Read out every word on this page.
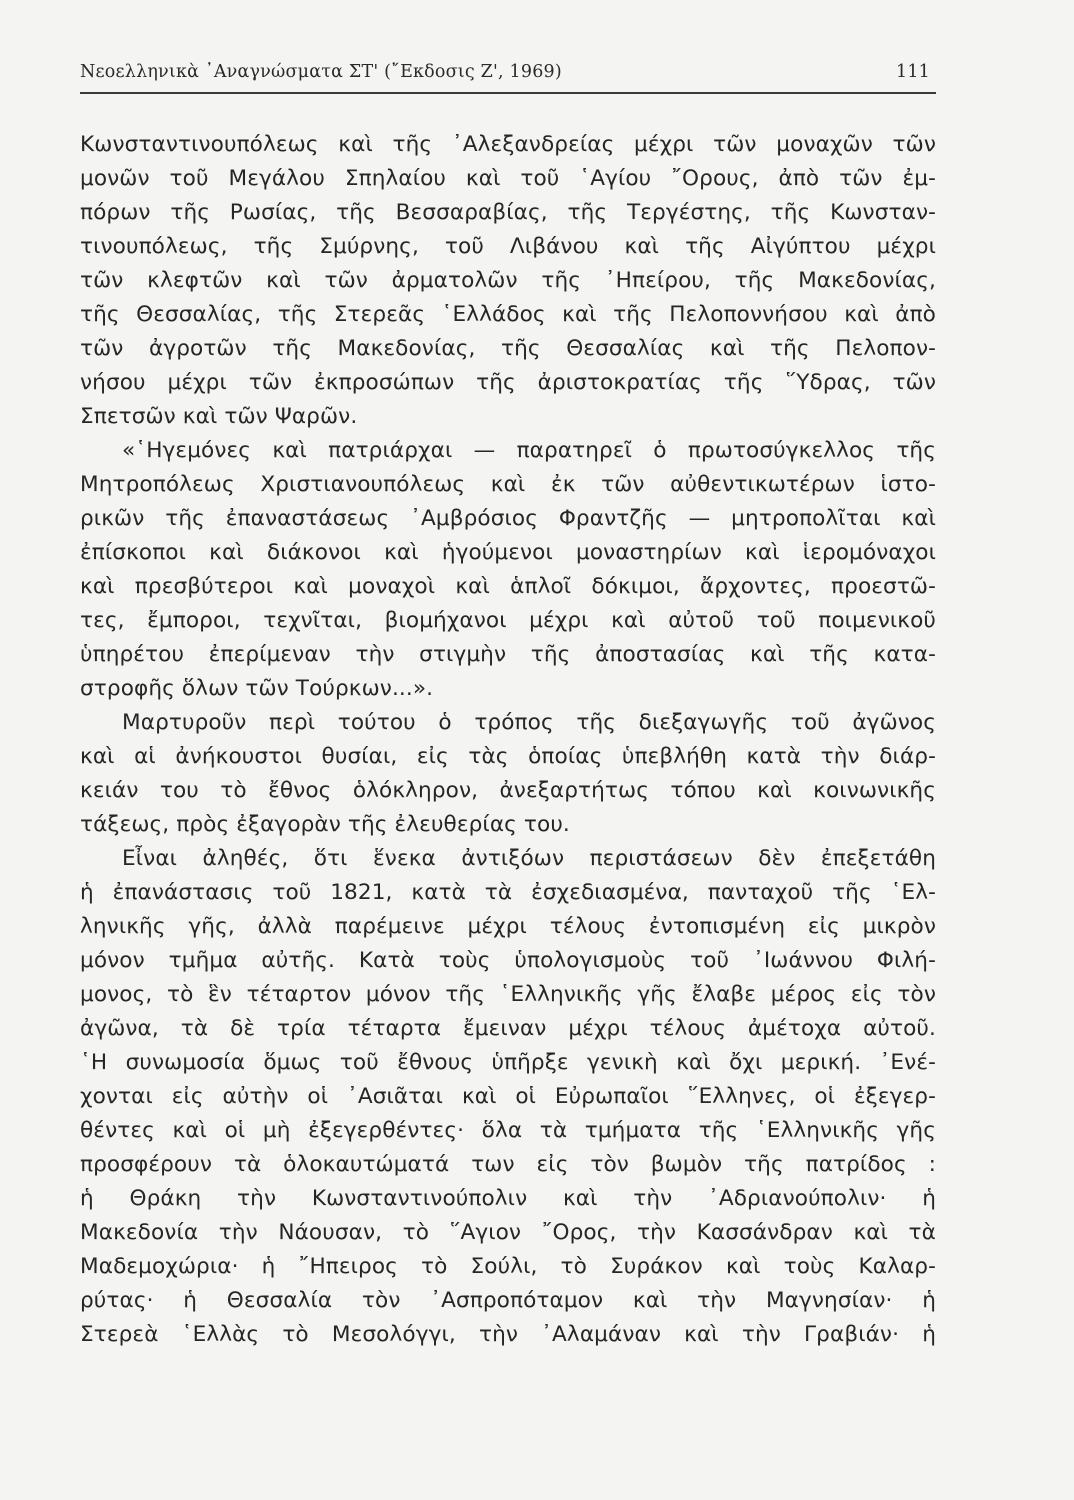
Νεοελληνικὰ ᾿Αναγνώσματα ΣΤ' (῎Εκδοσις Ζ', 1969)	111
Κωνσταντινουπόλεως καὶ τῆς ᾿Αλεξανδρείας μέχρι τῶν μοναχῶν τῶν
μονῶν τοῦ Μεγάλου Σπηλαίου καὶ τοῦ ῾Αγίου ῎Ορους, ἀπὸ τῶν ἐμ-
πόρων τῆς Ρωσίας, τῆς Βεσσαραβίας, τῆς Τεργέστης, τῆς Κωνσταν-
τινουπόλεως, τῆς Σμύρνης, τοῦ Λιβάνου καὶ τῆς Αἰγύπτου μέχρι
τῶν κλεφτῶν καὶ τῶν ἀρματολῶν τῆς ᾿Ηπείρου, τῆς Μακεδονίας,
τῆς Θεσσαλίας, τῆς Στερεᾶς ῾Ελλάδος καὶ τῆς Πελοποννήσου καὶ ἀπὸ
τῶν ἀγροτῶν τῆς Μακεδονίας, τῆς Θεσσαλίας καὶ τῆς Πελοπον-
νήσου μέχρι τῶν ἐκπροσώπων τῆς ἀριστοκρατίας τῆς ῞Υδρας, τῶν
Σπετσῶν καὶ τῶν Ψαρῶν.
«῾Ηγεμόνες καὶ πατριάρχαι — παρατηρεῖ ὁ πρωτοσύγκελλος τῆς
Μητροπόλεως Χριστιανουπόλεως καὶ ἐκ τῶν αὐθεντικωτέρων ἱστο-
ρικῶν τῆς ἐπαναστάσεως ᾿Αμβρόσιος Φραντζῆς — μητροπολῖται καὶ
ἐπίσκοποι καὶ διάκονοι καὶ ἡγούμενοι μοναστηρίων καὶ ἱερομόναχοι
καὶ πρεσβύτεροι καὶ μοναχοὶ καὶ ἁπλοῖ δόκιμοι, ἄρχοντες, προεστῶ-
τες, ἔμποροι, τεχνῖται, βιομήχανοι μέχρι καὶ αὐτοῦ τοῦ ποιμενικοῦ
ὑπηρέτου ἐπερίμεναν τὴν στιγμὴν τῆς ἀποστασίας καὶ τῆς κατα-
στροφῆς ὅλων τῶν Τούρκων...».
Μαρτυροῦν περὶ τούτου ὁ τρόπος τῆς διεξαγωγῆς τοῦ ἀγῶνος
καὶ αἱ ἀνήκουστοι θυσίαι, εἰς τὰς ὁποίας ὑπεβλήθη κατὰ τὴν διάρ-
κειάν του τὸ ἔθνος ὁλόκληρον, ἀνεξαρτήτως τόπου καὶ κοινωνικῆς
τάξεως, πρὸς ἐξαγορὰν τῆς ἐλευθερίας του.
Εἶναι ἀληθές, ὅτι ἕνεκα ἀντιξόων περιστάσεων δὲν ἐπεξετάθη
ἡ ἐπανάστασις τοῦ 1821, κατὰ τὰ ἐσχεδιασμένα, πανταχοῦ τῆς ῾Ελ-
ληνικῆς γῆς, ἀλλὰ παρέμεινε μέχρι τέλους ἐντοπισμένη εἰς μικρὸν
μόνον τμῆμα αὐτῆς. Κατὰ τοὺς ὑπολογισμοὺς τοῦ ᾿Ιωάννου Φιλή-
μονος, τὸ ἓν τέταρτον μόνον τῆς ῾Ελληνικῆς γῆς ἔλαβε μέρος εἰς τὸν
ἀγῶνα, τὰ δὲ τρία τέταρτα ἔμειναν μέχρι τέλους ἀμέτοχα αὐτοῦ.
῾Η συνωμοσία ὅμως τοῦ ἔθνους ὑπῆρξε γενικὴ καὶ ὄχι μερική. ᾿Ενέ-
χονται εἰς αὐτὴν οἱ ᾿Ασιᾶται καὶ οἱ Εὐρωπαῖοι ῞Ελληνες, οἱ ἐξεγερ-
θέντες καὶ οἱ μὴ ἐξεγερθέντες· ὅλα τὰ τμήματα τῆς ῾Ελληνικῆς γῆς
προσφέρουν τὰ ὁλοκαυτώματά των εἰς τὸν βωμὸν τῆς πατρίδος :
ἡ Θράκη τὴν Κωνσταντινούπολιν καὶ τὴν ᾿Αδριανούπολιν· ἡ
Μακεδονία τὴν Νάουσαν, τὸ ῞Αγιον ῎Ορος, τὴν Κασσάνδραν καὶ τὰ
Μαδεμοχώρια· ἡ ῎Ηπειρος τὸ Σούλι, τὸ Συράκον καὶ τοὺς Καλαρ-
ρύτας· ἡ Θεσσαλία τὸν ᾿Ασπροπόταμον καὶ τὴν Μαγνησίαν· ἡ
Στερεὰ ῾Ελλὰς τὸ Μεσολόγγι, τὴν ᾿Αλαμάναν καὶ τὴν Γραβιάν· ἡ
